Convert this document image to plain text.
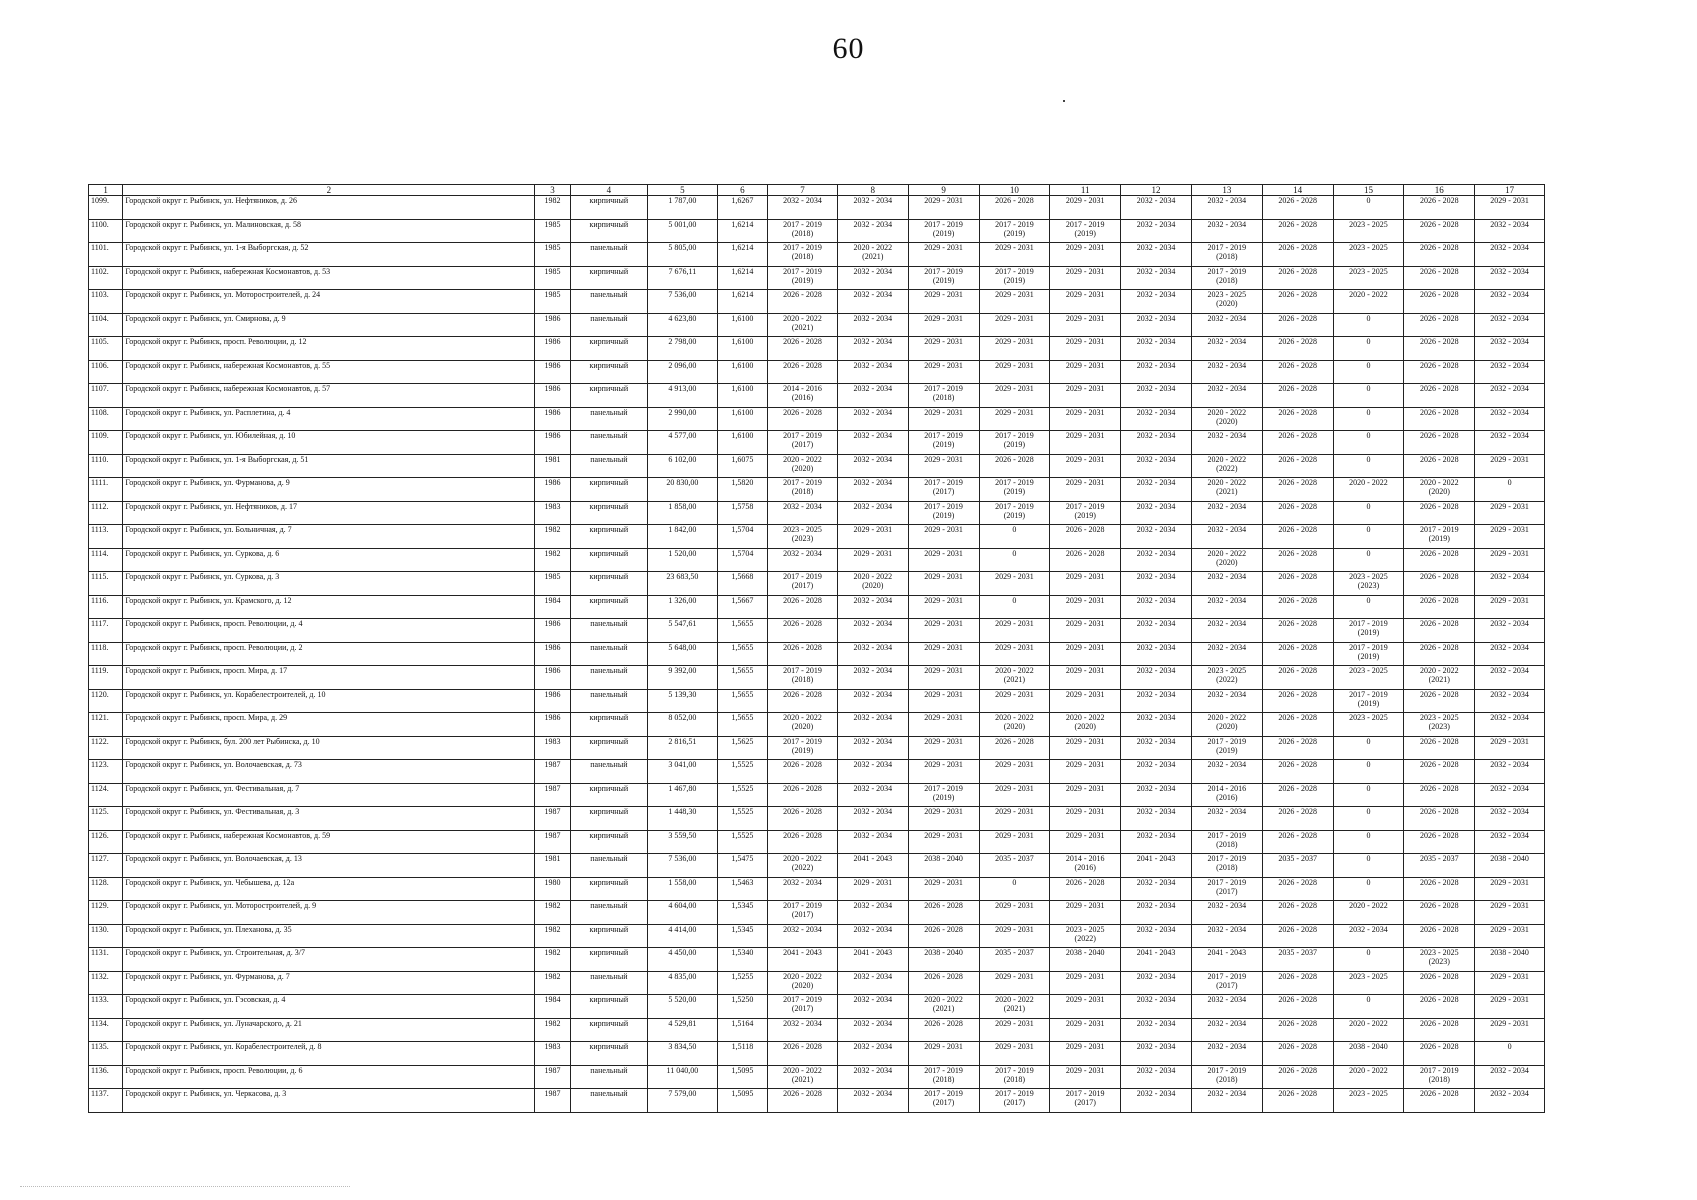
60
1	2	3	4	5	6	7	8	9	10	11	12	13	14	15	16	17
1099.	Городской округ г. Рыбинск, ул. Нефтяников, д. 26	1982	кирпичный	1 787,00	1,6267	2032 - 2034	2032 - 2034	2029 - 2031	2026 - 2028	2029 - 2031	2032 - 2034	2032 - 2034	2026 - 2028	0	2026 - 2028	2029 - 2031
1100.	Городской округ г. Рыбинск, ул. Малиновская, д. 58	1985	кирпичный	5 001,00	1,6214	2017 - 2019
(2018)	2032 - 2034	2017 - 2019
(2019)	2017 - 2019
(2019)	2017 - 2019
(2019)	2032 - 2034	2032 - 2034	2026 - 2028	2023 - 2025	2026 - 2028	2032 - 2034
1101.	Городской округ г. Рыбинск, ул. 1-я Выборгская, д. 52	1985	панельный	5 805,00	1,6214	2017 - 2019
(2018)	2020 - 2022
(2021)	2029 - 2031	2029 - 2031	2029 - 2031	2032 - 2034	2017 - 2019
(2018)	2026 - 2028	2023 - 2025	2026 - 2028	2032 - 2034
1102.	Городской округ г. Рыбинск, набережная Космонавтов, д. 53	1985	кирпичный	7 676,11	1,6214	2017 - 2019
(2019)	2032 - 2034	2017 - 2019
(2019)	2017 - 2019
(2019)	2029 - 2031	2032 - 2034	2017 - 2019
(2018)	2026 - 2028	2023 - 2025	2026 - 2028	2032 - 2034
1103.	Городской округ г. Рыбинск, ул. Моторостроителей, д. 24	1985	панельный	7 536,00	1,6214	2026 - 2028	2032 - 2034	2029 - 2031	2029 - 2031	2029 - 2031	2032 - 2034	2023 - 2025
(2020)	2026 - 2028	2020 - 2022	2026 - 2028	2032 - 2034
1104.	Городской округ г. Рыбинск, ул. Смирнова, д. 9	1986	панельный	4 623,80	1,6100	2020 - 2022
(2021)	2032 - 2034	2029 - 2031	2029 - 2031	2029 - 2031	2032 - 2034	2032 - 2034	2026 - 2028	0	2026 - 2028	2032 - 2034
1105.	Городской округ г. Рыбинск, просп. Революции, д. 12	1986	кирпичный	2 798,00	1,6100	2026 - 2028	2032 - 2034	2029 - 2031	2029 - 2031	2029 - 2031	2032 - 2034	2032 - 2034	2026 - 2028	0	2026 - 2028	2032 - 2034
1106.	Городской округ г. Рыбинск, набережная Космонавтов, д. 55	1986	кирпичный	2 096,00	1,6100	2026 - 2028	2032 - 2034	2029 - 2031	2029 - 2031	2029 - 2031	2032 - 2034	2032 - 2034	2026 - 2028	0	2026 - 2028	2032 - 2034
1107.	Городской округ г. Рыбинск, набережная Космонавтов, д. 57	1986	кирпичный	4 913,00	1,6100	2014 - 2016
(2016)	2032 - 2034	2017 - 2019
(2018)	2029 - 2031	2029 - 2031	2032 - 2034	2032 - 2034	2026 - 2028	0	2026 - 2028	2032 - 2034
1108.	Городской округ г. Рыбинск, ул. Расплетина, д. 4	1986	панельный	2 990,00	1,6100	2026 - 2028	2032 - 2034	2029 - 2031	2029 - 2031	2029 - 2031	2032 - 2034	2020 - 2022
(2020)	2026 - 2028	0	2026 - 2028	2032 - 2034
1109.	Городской округ г. Рыбинск, ул. Юбилейная, д. 10	1986	панельный	4 577,00	1,6100	2017 - 2019
(2017)	2032 - 2034	2017 - 2019
(2019)	2017 - 2019
(2019)	2029 - 2031	2032 - 2034	2032 - 2034	2026 - 2028	0	2026 - 2028	2032 - 2034
1110.	Городской округ г. Рыбинск, ул. 1-я Выборгская, д. 51	1981	панельный	6 102,00	1,6075	2020 - 2022
(2020)	2032 - 2034	2029 - 2031	2026 - 2028	2029 - 2031	2032 - 2034	2020 - 2022
(2022)	2026 - 2028	0	2026 - 2028	2029 - 2031
1111.	Городской округ г. Рыбинск, ул. Фурманова, д. 9	1986	кирпичный	20 830,00	1,5820	2017 - 2019
(2018)	2032 - 2034	2017 - 2019
(2017)	2017 - 2019
(2019)	2029 - 2031	2032 - 2034	2020 - 2022
(2021)	2026 - 2028	2020 - 2022	2020 - 2022
(2020)	0
1112.	Городской округ г. Рыбинск, ул. Нефтяников, д. 17	1983	кирпичный	1 858,00	1,5758	2032 - 2034	2032 - 2034	2017 - 2019
(2019)	2017 - 2019
(2019)	2017 - 2019
(2019)	2032 - 2034	2032 - 2034	2026 - 2028	0	2026 - 2028	2029 - 2031
1113.	Городской округ г. Рыбинск, ул. Больничная, д. 7	1982	кирпичный	1 842,00	1,5704	2023 - 2025
(2023)	2029 - 2031	2029 - 2031	0	2026 - 2028	2032 - 2034	2032 - 2034	2026 - 2028	0	2017 - 2019
(2019)	2029 - 2031
1114.	Городской округ г. Рыбинск, ул. Суркова, д. 6	1982	кирпичный	1 520,00	1,5704	2032 - 2034	2029 - 2031	2029 - 2031	0	2026 - 2028	2032 - 2034	2020 - 2022
(2020)	2026 - 2028	0	2026 - 2028	2029 - 2031
1115.	Городской округ г. Рыбинск, ул. Суркова, д. 3	1985	кирпичный	23 683,50	1,5668	2017 - 2019
(2017)	2020 - 2022
(2020)	2029 - 2031	2029 - 2031	2029 - 2031	2032 - 2034	2032 - 2034	2026 - 2028	2023 - 2025
(2023)	2026 - 2028	2032 - 2034
1116.	Городской округ г. Рыбинск, ул. Крамского, д. 12	1984	кирпичный	1 326,00	1,5667	2026 - 2028	2032 - 2034	2029 - 2031	0	2029 - 2031	2032 - 2034	2032 - 2034	2026 - 2028	0	2026 - 2028	2029 - 2031
1117.	Городской округ г. Рыбинск, просп. Революции, д. 4	1986	панельный	5 547,61	1,5655	2026 - 2028	2032 - 2034	2029 - 2031	2029 - 2031	2029 - 2031	2032 - 2034	2032 - 2034	2026 - 2028	2017 - 2019
(2019)	2026 - 2028	2032 - 2034
1118.	Городской округ г. Рыбинск, просп. Революции, д. 2	1986	панельный	5 648,00	1,5655	2026 - 2028	2032 - 2034	2029 - 2031	2029 - 2031	2029 - 2031	2032 - 2034	2032 - 2034	2026 - 2028	2017 - 2019
(2019)	2026 - 2028	2032 - 2034
1119.	Городской округ г. Рыбинск, просп. Мира, д. 17	1986	панельный	9 392,00	1,5655	2017 - 2019
(2018)	2032 - 2034	2029 - 2031	2020 - 2022
(2021)	2029 - 2031	2032 - 2034	2023 - 2025
(2022)	2026 - 2028	2023 - 2025	2020 - 2022
(2021)	2032 - 2034
1120.	Городской округ г. Рыбинск, ул. Корабелестроителей, д. 10	1986	панельный	5 139,30	1,5655	2026 - 2028	2032 - 2034	2029 - 2031	2029 - 2031	2029 - 2031	2032 - 2034	2032 - 2034	2026 - 2028	2017 - 2019
(2019)	2026 - 2028	2032 - 2034
1121.	Городской округ г. Рыбинск, просп. Мира, д. 29	1986	кирпичный	8 052,00	1,5655	2020 - 2022
(2020)	2032 - 2034	2029 - 2031	2020 - 2022
(2020)	2020 - 2022
(2020)	2032 - 2034	2020 - 2022
(2020)	2026 - 2028	2023 - 2025	2023 - 2025
(2023)	2032 - 2034
1122.	Городской округ г. Рыбинск, бул. 200 лет Рыбинска, д. 10	1983	кирпичный	2 816,51	1,5625	2017 - 2019
(2019)	2032 - 2034	2029 - 2031	2026 - 2028	2029 - 2031	2032 - 2034	2017 - 2019
(2019)	2026 - 2028	0	2026 - 2028	2029 - 2031
1123.	Городской округ г. Рыбинск, ул. Волочаевская, д. 73	1987	панельный	3 041,00	1,5525	2026 - 2028	2032 - 2034	2029 - 2031	2029 - 2031	2029 - 2031	2032 - 2034	2032 - 2034	2026 - 2028	0	2026 - 2028	2032 - 2034
1124.	Городской округ г. Рыбинск, ул. Фестивальная, д. 7	1987	кирпичный	1 467,80	1,5525	2026 - 2028	2032 - 2034	2017 - 2019
(2019)	2029 - 2031	2029 - 2031	2032 - 2034	2014 - 2016
(2016)	2026 - 2028	0	2026 - 2028	2032 - 2034
1125.	Городской округ г. Рыбинск, ул. Фестивальная, д. 3	1987	кирпичный	1 448,30	1,5525	2026 - 2028	2032 - 2034	2029 - 2031	2029 - 2031	2029 - 2031	2032 - 2034	2032 - 2034	2026 - 2028	0	2026 - 2028	2032 - 2034
1126.	Городской округ г. Рыбинск, набережная Космонавтов, д. 59	1987	кирпичный	3 559,50	1,5525	2026 - 2028	2032 - 2034	2029 - 2031	2029 - 2031	2029 - 2031	2032 - 2034	2017 - 2019
(2018)	2026 - 2028	0	2026 - 2028	2032 - 2034
1127.	Городской округ г. Рыбинск, ул. Волочаевская, д. 13	1981	панельный	7 536,00	1,5475	2020 - 2022
(2022)	2041 - 2043	2038 - 2040	2035 - 2037	2014 - 2016
(2016)	2041 - 2043	2017 - 2019
(2018)	2035 - 2037	0	2035 - 2037	2038 - 2040
1128.	Городской округ г. Рыбинск, ул. Чебышева, д. 12а	1980	кирпичный	1 558,00	1,5463	2032 - 2034	2029 - 2031	2029 - 2031	0	2026 - 2028	2032 - 2034	2017 - 2019
(2017)	2026 - 2028	0	2026 - 2028	2029 - 2031
1129.	Городской округ г. Рыбинск, ул. Моторостроителей, д. 9	1982	панельный	4 604,00	1,5345	2017 - 2019
(2017)	2032 - 2034	2026 - 2028	2029 - 2031	2029 - 2031	2032 - 2034	2032 - 2034	2026 - 2028	2020 - 2022	2026 - 2028	2029 - 2031
1130.	Городской округ г. Рыбинск, ул. Плеханова, д. 35	1982	кирпичный	4 414,00	1,5345	2032 - 2034	2032 - 2034	2026 - 2028	2029 - 2031	2023 - 2025
(2022)	2032 - 2034	2032 - 2034	2026 - 2028	2032 - 2034	2026 - 2028	2029 - 2031
1131.	Городской округ г. Рыбинск, ул. Строительная, д. 3/7	1982	кирпичный	4 450,00	1,5340	2041 - 2043	2041 - 2043	2038 - 2040	2035 - 2037	2038 - 2040	2041 - 2043	2041 - 2043	2035 - 2037	0	2023 - 2025
(2023)	2038 - 2040
1132.	Городской округ г. Рыбинск, ул. Фурманова, д. 7	1982	панельный	4 835,00	1,5255	2020 - 2022
(2020)	2032 - 2034	2026 - 2028	2029 - 2031	2029 - 2031	2032 - 2034	2017 - 2019
(2017)	2026 - 2028	2023 - 2025	2026 - 2028	2029 - 2031
1133.	Городской округ г. Рыбинск, ул. Гэсовская, д. 4	1984	кирпичный	5 520,00	1,5250	2017 - 2019
(2017)	2032 - 2034	2020 - 2022
(2021)	2020 - 2022
(2021)	2029 - 2031	2032 - 2034	2032 - 2034	2026 - 2028	0	2026 - 2028	2029 - 2031
1134.	Городской округ г. Рыбинск, ул. Луначарского, д. 21	1982	кирпичный	4 529,81	1,5164	2032 - 2034	2032 - 2034	2026 - 2028	2029 - 2031	2029 - 2031	2032 - 2034	2032 - 2034	2026 - 2028	2020 - 2022	2026 - 2028	2029 - 2031
1135.	Городской округ г. Рыбинск, ул. Корабелестроителей, д. 8	1983	кирпичный	3 834,50	1,5118	2026 - 2028	2032 - 2034	2029 - 2031	2029 - 2031	2029 - 2031	2032 - 2034	2032 - 2034	2026 - 2028	2038 - 2040	2026 - 2028	0
1136.	Городской округ г. Рыбинск, просп. Революции, д. 6	1987	панельный	11 040,00	1,5095	2020 - 2022
(2021)	2032 - 2034	2017 - 2019
(2018)	2017 - 2019
(2018)	2029 - 2031	2032 - 2034	2017 - 2019
(2018)	2026 - 2028	2020 - 2022	2017 - 2019
(2018)	2032 - 2034
1137.	Городской округ г. Рыбинск, ул. Черкасова, д. 3	1987	панельный	7 579,00	1,5095	2026 - 2028	2032 - 2034	2017 - 2019
(2017)	2017 - 2019
(2017)	2017 - 2019
(2017)	2032 - 2034	2032 - 2034	2026 - 2028	2023 - 2025	2026 - 2028	2032 - 2034
